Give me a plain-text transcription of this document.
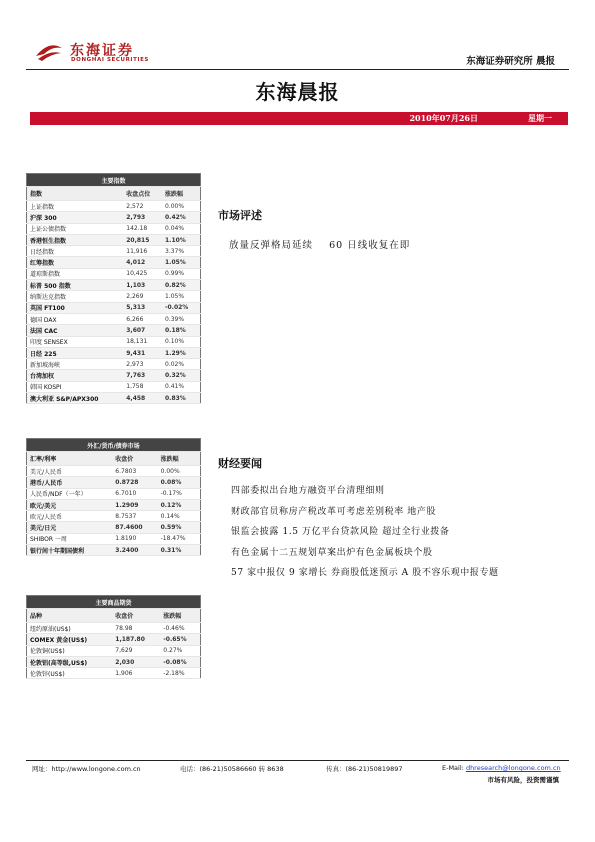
东海证券
DONGHAI SECURITIES	东海证券研究所 晨报
东海晨报
2010年07月26日	星期一
主要指数		
指数	收盘点位	涨跌幅
上证指数	2,572	0.00%
沪深 300	2,793	0.42%
上证公债指数	142.18	0.04%
香港恒生指数	20,815	1.10%
日经指数	11,916	3.37%
红筹指数	4,012	1.05%
道琼斯指数	10,425	0.99%
标普 500 指数	1,103	0.82%
纳斯达克指数	2,269	1.05%
英国 FT100	5,313	-0.02%
德国 DAX	6,266	0.39%
法国 CAC	3,607	0.18%
印度 SENSEX	18,131	0.10%
日经 225	9,431	1.29%
新加坡海峡	2,973	0.02%
台湾加权	7,763	0.32%
韩国 KOSPI	1,758	0.41%
澳大利亚 S&P/APX300	4,458	0.83%
外汇/货币/债券市场		
汇率/利率	收盘价	涨跌幅
美元/人民币	6.7803	0.00%
港币/人民币	0.8728	0.08%
人民币/NDF（一年）	6.7010	-0.17%
欧元/美元	1.2909	0.12%
欧元/人民币	8.7537	0.14%
美元/日元	87.4600	0.59%
SHIBOR 一周	1.8190	-18.47%
银行间十年期国债利	3.2400	0.31%
主要商品期货		
品种	收盘价	涨跌幅
纽约原油(US$)	78.98	-0.46%
COMEX 黄金(US$)	1,187.80	-0.65%
伦敦铜(US$)	7,629	0.27%
伦敦铝(高等级,US$)	2,030	-0.08%
伦敦锌(US$)	1,906	-2.18%
市场评述
放量反弹格局延续    60 日线收复在即
财经要闻
四部委拟出台地方融资平台清理细则
财政部官员称房产税改革可考虑差别税率 地产股
银监会披露 1.5 万亿平台贷款风险 超过全行业拨备
有色金属十二五规划草案出炉有色金属板块个股
57 家中报仅 9 家增长 券商股低迷预示 A 股不容乐观中报专题
网址：http://www.longone.com.cn	电话：(86-21)50586660 转 8638	传真：(86-21)50819897	E-Mail: dhresearch@longone.com.cn
市场有风险，投资需谨慎
